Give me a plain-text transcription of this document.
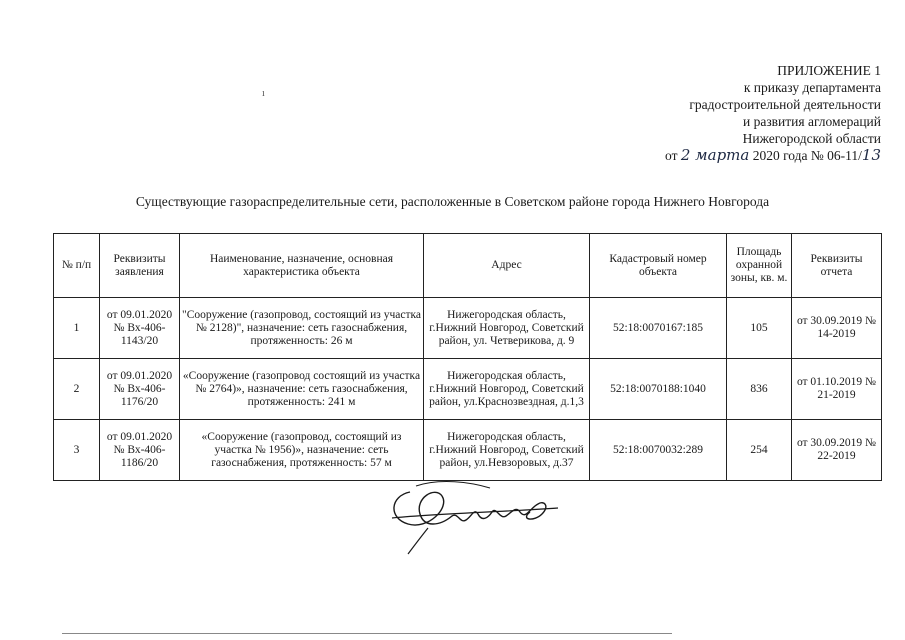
ПРИЛОЖЕНИЕ 1
к приказу департамента
градостроительной деятельности
и развития агломераций
Нижегородской области
от 2 марта 2020 года № 06-11/13
ı
Существующие газораспределительные сети, расположенные в Советском районе города Нижнего Новгорода
№ п/п	Реквизиты заявления	Наименование, назначение, основная характеристика объекта	Адрес	Кадастровый номер объекта	Площадь охранной зоны, кв. м.	Реквизиты отчета
1	от 09.01.2020 № Вх-406-1143/20	"Сооружение (газопровод, состоящий из участка № 2128)", назначение: сеть газоснабжения, протяженность: 26 м	Нижегородская область, г.Нижний Новгород, Советский район, ул. Четверикова, д. 9	52:18:0070167:185	105	от 30.09.2019 № 14-2019
2	от 09.01.2020 № Вх-406-1176/20	«Сооружение (газопровод состоящий из участка № 2764)», назначение: сеть газоснабжения, протяженность: 241 м	Нижегородская область, г.Нижний Новгород, Советский район, ул.Краснозвездная, д.1,3	52:18:0070188:1040	836	от 01.10.2019 № 21-2019
3	от 09.01.2020 № Вх-406-1186/20	«Сооружение (газопровод, состоящий из участка № 1956)», назначение: сеть газоснабжения, протяженность: 57 м	Нижегородская область, г.Нижний Новгород, Советский район, ул.Невзоровых, д.37	52:18:0070032:289	254	от 30.09.2019 № 22-2019
